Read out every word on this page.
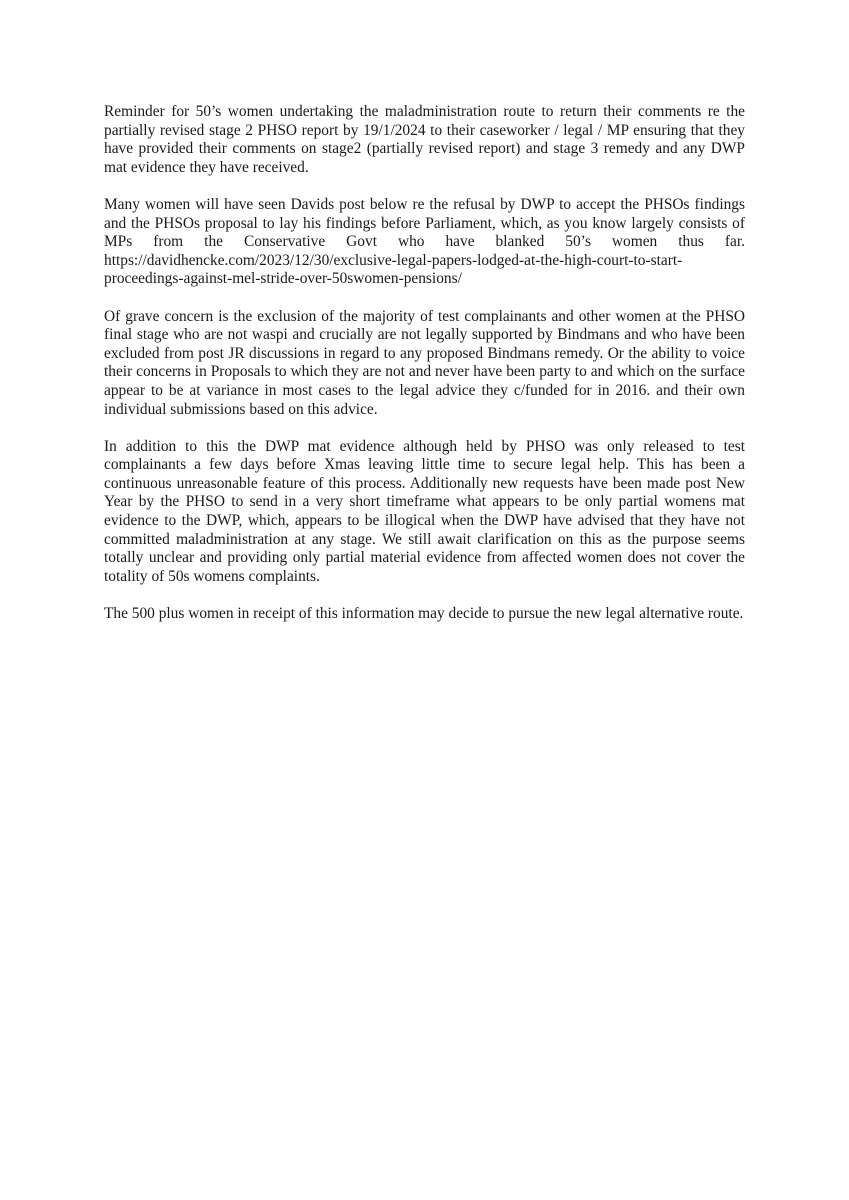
Reminder for 50’s women undertaking the maladministration route to return their comments re the partially revised stage 2 PHSO report by 19/1/2024 to their caseworker / legal / MP ensuring that they have provided their comments on stage2 (partially revised report) and stage 3 remedy and any DWP mat evidence they have received.

Many women will have seen Davids post below re the refusal by DWP to accept the PHSOs findings and the PHSOs proposal to lay his findings before Parliament, which, as you know largely consists of MPs from the Conservative Govt who have blanked 50’s women thus far. https://davidhencke.com/2023/12/30/exclusive-legal-papers-lodged-at-the-high-court-to-start-proceedings-against-mel-stride-over-50swomen-pensions/

Of grave concern is the exclusion of the majority of test complainants and other women at the PHSO final stage who are not waspi and crucially are not legally supported by Bindmans and who have been excluded from post JR discussions in regard to any proposed Bindmans remedy. Or the ability to voice their concerns in Proposals to which they are not and never have been party to and which on the surface appear to be at variance in most cases to the legal advice they c/funded for in 2016. and their own individual submissions based on this advice.

In addition to this the DWP mat evidence although held by PHSO was only released to test complainants a few days before Xmas leaving little time to secure legal help. This has been a continuous unreasonable feature of this process. Additionally new requests have been made post New Year by the PHSO to send in a very short timeframe what appears to be only partial womens mat evidence to the DWP, which, appears to be illogical when the DWP have advised that they have not committed maladministration at any stage. We still await clarification on this as the purpose seems totally unclear and providing only partial material evidence from affected women does not cover the totality of 50s womens complaints.

The 500 plus women in receipt of this information may decide to pursue the new legal alternative route.
